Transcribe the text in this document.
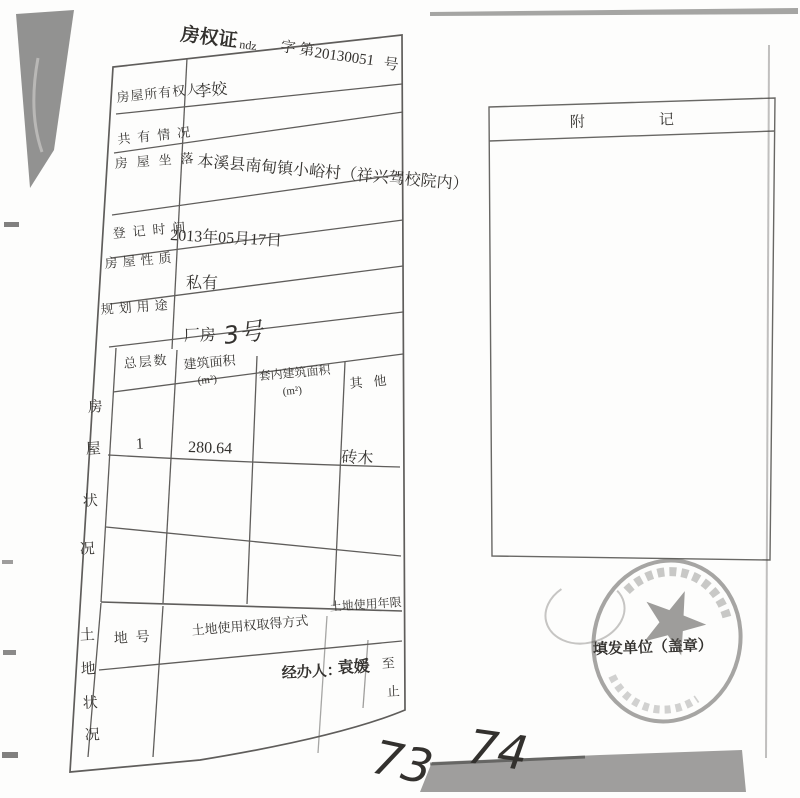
房权证 ndz 字第
20130051 号
房屋所有权人
李姣
共有情况
房屋坐落
本溪县南甸镇小峪村（祥兴驾校院内）
登记时间
2013年05月17日
房屋性质
私有
规划用途
厂房 3号
房
屋
状
况
总层数 建筑面积
(m²)	套内建筑面积
(m²)
其他
1	280.64
砖木
土
地
状
况
地号
土地使用权取得方式
土地使用年限
经办人：
袁媛 至
止
附记
填发单位（盖章）
73 74
